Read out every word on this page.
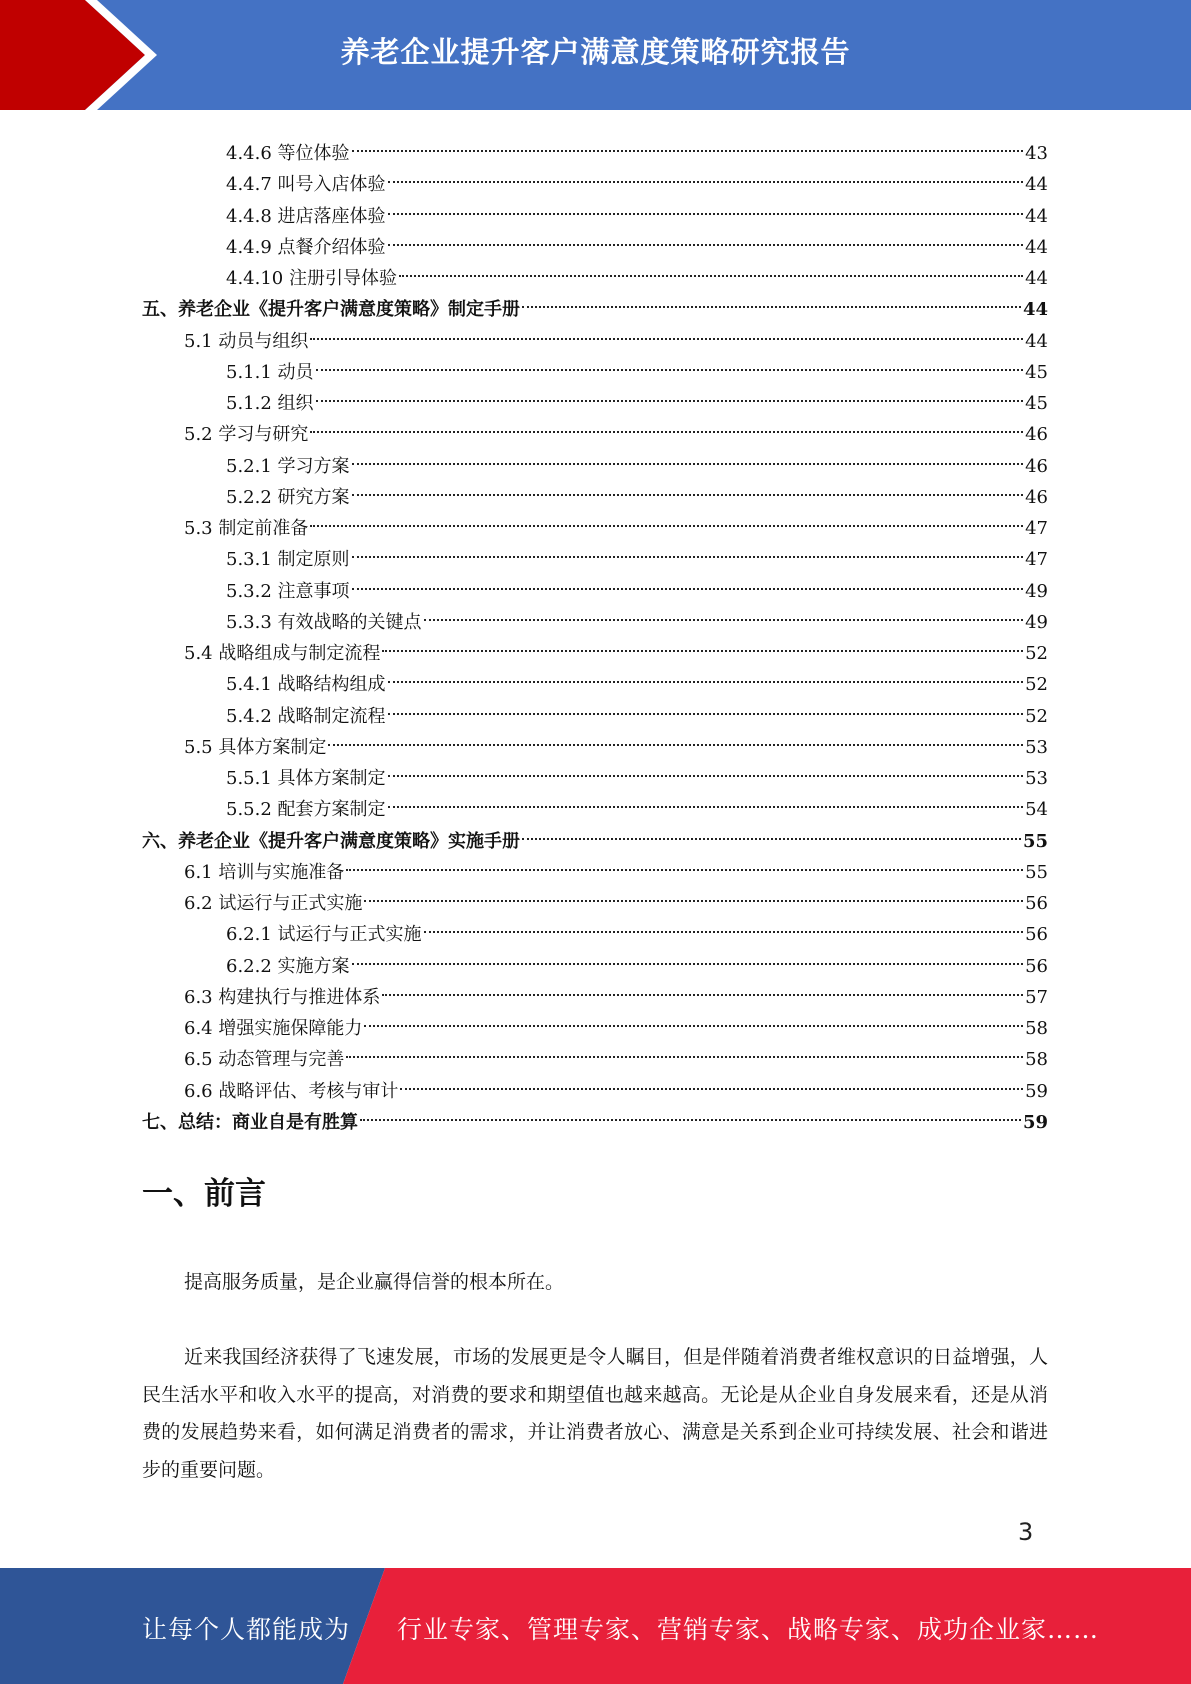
养老企业提升客户满意度策略研究报告
4.4.6 等位体验	43
4.4.7 叫号入店体验	44
4.4.8 进店落座体验	44
4.4.9 点餐介绍体验	44
4.4.10 注册引导体验	44
五、养老企业《提升客户满意度策略》制定手册	44
5.1 动员与组织	44
5.1.1 动员	45
5.1.2 组织	45
5.2 学习与研究	46
5.2.1 学习方案	46
5.2.2 研究方案	46
5.3 制定前准备	47
5.3.1 制定原则	47
5.3.2 注意事项	49
5.3.3 有效战略的关键点	49
5.4 战略组成与制定流程	52
5.4.1 战略结构组成	52
5.4.2 战略制定流程	52
5.5 具体方案制定	53
5.5.1 具体方案制定	53
5.5.2 配套方案制定	54
六、养老企业《提升客户满意度策略》实施手册	55
6.1 培训与实施准备	55
6.2 试运行与正式实施	56
6.2.1 试运行与正式实施	56
6.2.2 实施方案	56
6.3 构建执行与推进体系	57
6.4 增强实施保障能力	58
6.5 动态管理与完善	58
6.6 战略评估、考核与审计	59
七、总结：商业自是有胜算	59
一、前言
提高服务质量，是企业赢得信誉的根本所在。
近来我国经济获得了飞速发展，市场的发展更是令人瞩目，但是伴随着消费者维权意识的日益增强，人民生活水平和收入水平的提高，对消费的要求和期望值也越来越高。无论是从企业自身发展来看，还是从消费的发展趋势来看，如何满足消费者的需求，并让消费者放心、满意是关系到企业可持续发展、社会和谐进步的重要问题。
3
让每个人都能成为 行业专家、管理专家、营销专家、战略专家、成功企业家……
